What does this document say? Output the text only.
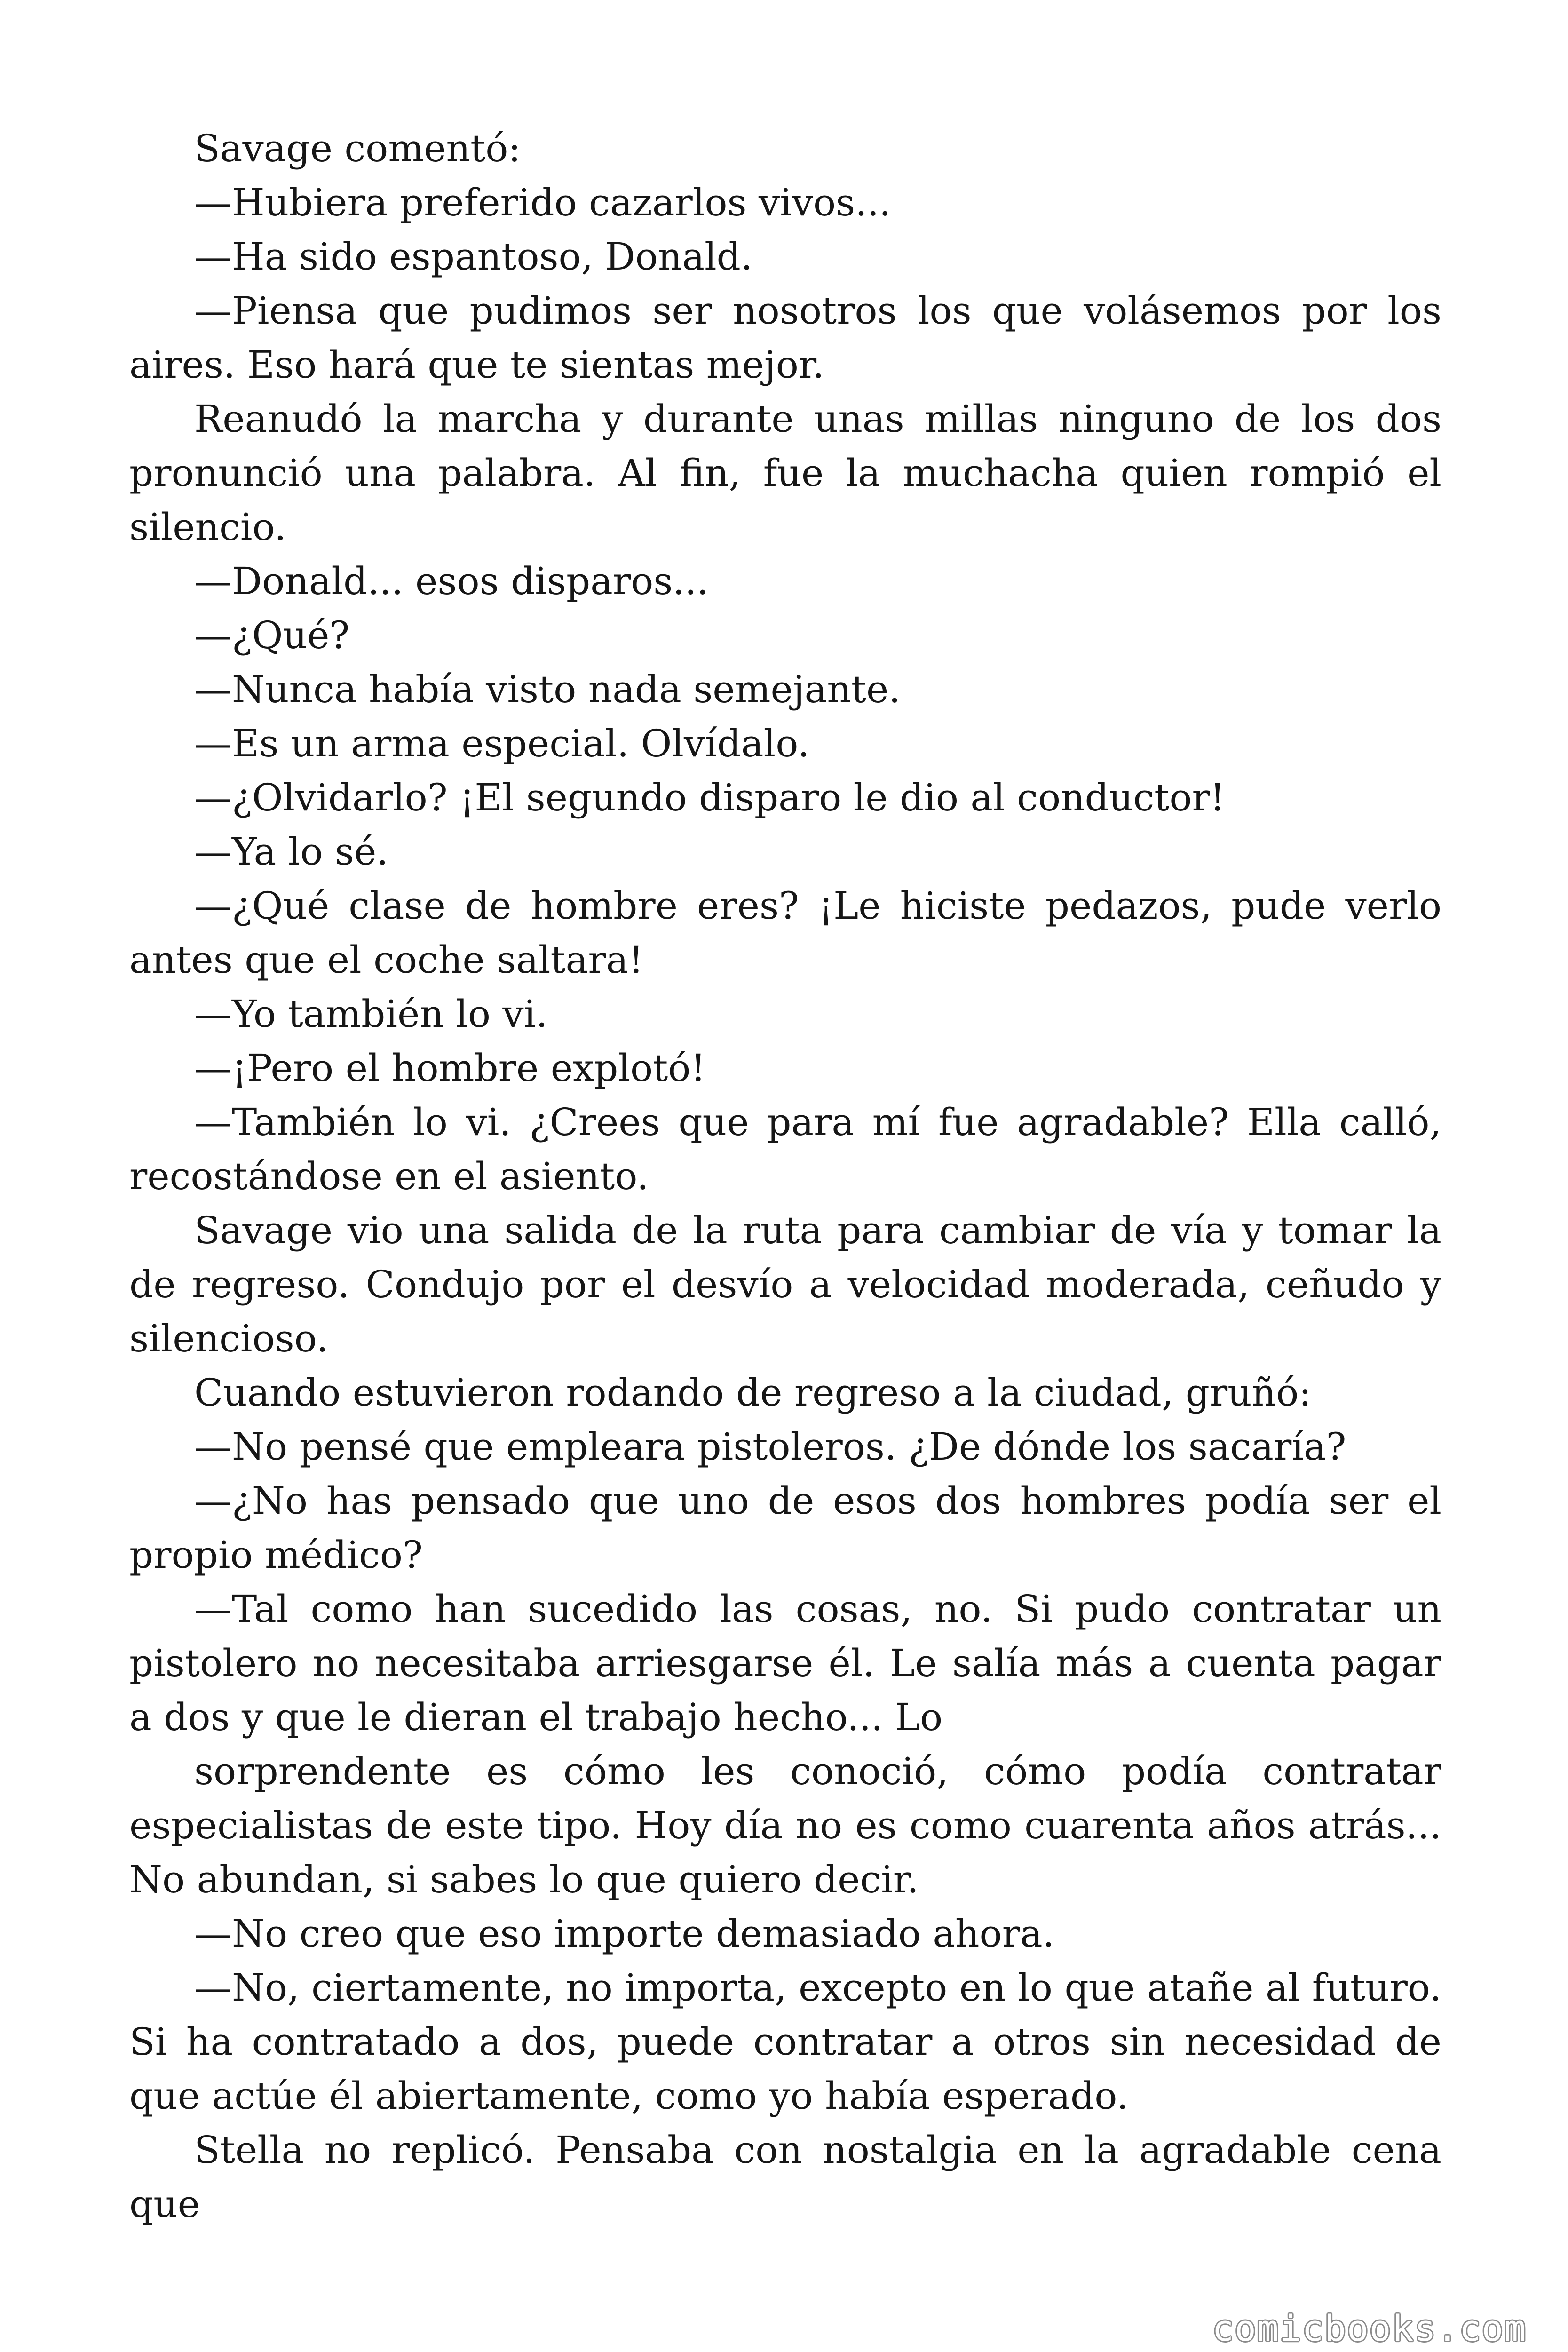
Savage comentó:

—Hubiera preferido cazarlos vivos...

—Ha sido espantoso, Donald.

—Piensa que pudimos ser nosotros los que volásemos por los aires. Eso hará que te sientas mejor.

Reanudó la marcha y durante unas millas ninguno de los dos pronunció una palabra. Al fin, fue la muchacha quien rompió el silencio.

—Donald... esos disparos...

—¿Qué?

—Nunca había visto nada semejante.

—Es un arma especial. Olvídalo.

—¿Olvidarlo? ¡El segundo disparo le dio al conductor!

—Ya lo sé.

—¿Qué clase de hombre eres? ¡Le hiciste pedazos, pude verlo antes que el coche saltara!

—Yo también lo vi.

—¡Pero el hombre explotó!

—También lo vi. ¿Crees que para mí fue agradable? Ella calló, recostándose en el asiento.

Savage vio una salida de la ruta para cambiar de vía y tomar la de regreso. Condujo por el desvío a velocidad moderada, ceñudo y silencioso.

Cuando estuvieron rodando de regreso a la ciudad, gruñó:

—No pensé que empleara pistoleros. ¿De dónde los sacaría?

—¿No has pensado que uno de esos dos hombres podía ser el propio médico?

—Tal como han sucedido las cosas, no. Si pudo contratar un pistolero no necesitaba arriesgarse él. Le salía más a cuenta pagar a dos y que le dieran el trabajo hecho... Lo

sorprendente es cómo les conoció, cómo podía contratar especialistas de este tipo. Hoy día no es como cuarenta años atrás... No abundan, si sabes lo que quiero decir.

—No creo que eso importe demasiado ahora.

—No, ciertamente, no importa, excepto en lo que atañe al futuro. Si ha contratado a dos, puede contratar a otros sin necesidad de que actúe él abiertamente, como yo había esperado.

Stella no replicó. Pensaba con nostalgia en la agradable cena que

comicbooks.com
